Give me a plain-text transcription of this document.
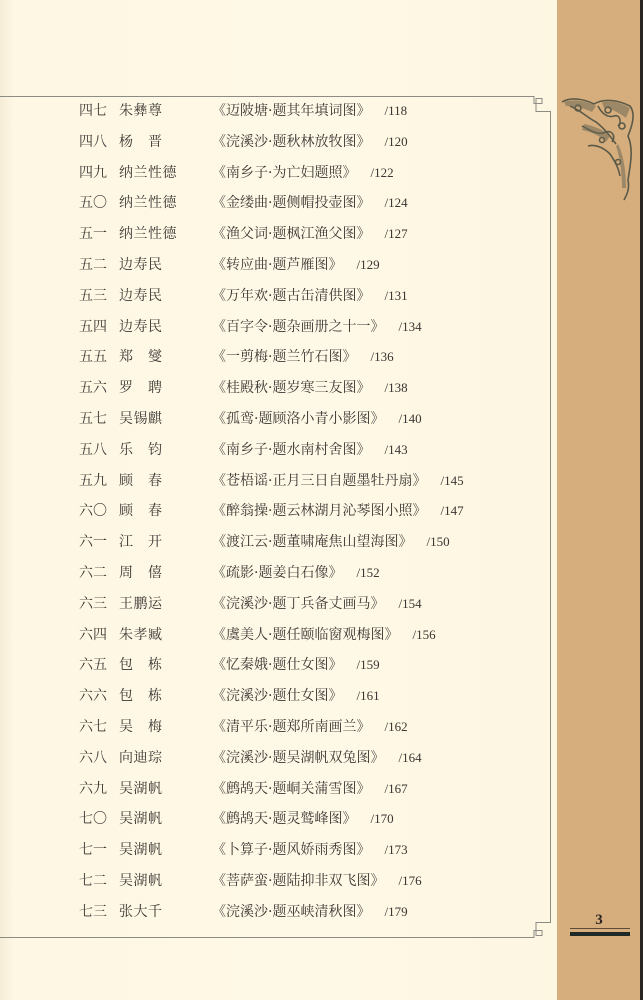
四七 朱彝尊	《迈陂塘·题其年填词图》 /118
四八 杨　晋	《浣溪沙·题秋林放牧图》 /120
四九 纳兰性德	《南乡子·为亡妇题照》 /122
五〇 纳兰性德	《金缕曲·题侧帽投壶图》 /124
五一 纳兰性德	《渔父词·题枫江渔父图》 /127
五二 边寿民	《转应曲·题芦雁图》 /129
五三 边寿民	《万年欢·题古缶清供图》 /131
五四 边寿民	《百字令·题杂画册之十一》 /134
五五 郑　燮	《一剪梅·题兰竹石图》 /136
五六 罗　聘	《桂殿秋·题岁寒三友图》 /138
五七 吴锡麒	《孤鸾·题顾洛小青小影图》 /140
五八 乐　钧	《南乡子·题水南村舍图》 /143
五九 顾　春	《苍梧谣·正月三日自题墨牡丹扇》 /145
六〇 顾　春	《醉翁操·题云林湖月沁琴图小照》 /147
六一 江　开	《渡江云·题董啸庵焦山望海图》 /150
六二 周　僖	《疏影·题姜白石像》 /152
六三 王鹏运	《浣溪沙·题丁兵备丈画马》 /154
六四 朱孝臧	《虞美人·题任颐临窗观梅图》 /156
六五 包　栋	《忆秦娥·题仕女图》 /159
六六 包　栋	《浣溪沙·题仕女图》 /161
六七 吴　梅	《清平乐·题郑所南画兰》 /162
六八 向迪琮	《浣溪沙·题吴湖帆双兔图》 /164
六九 吴湖帆	《鹧鸪天·题峒关蒲雪图》 /167
七〇 吴湖帆	《鹧鸪天·题灵鹫峰图》 /170
七一 吴湖帆	《卜算子·题风娇雨秀图》 /173
七二 吴湖帆	《菩萨蛮·题陆抑非双飞图》 /176
七三 张大千	《浣溪沙·题巫峡清秋图》 /179
3
